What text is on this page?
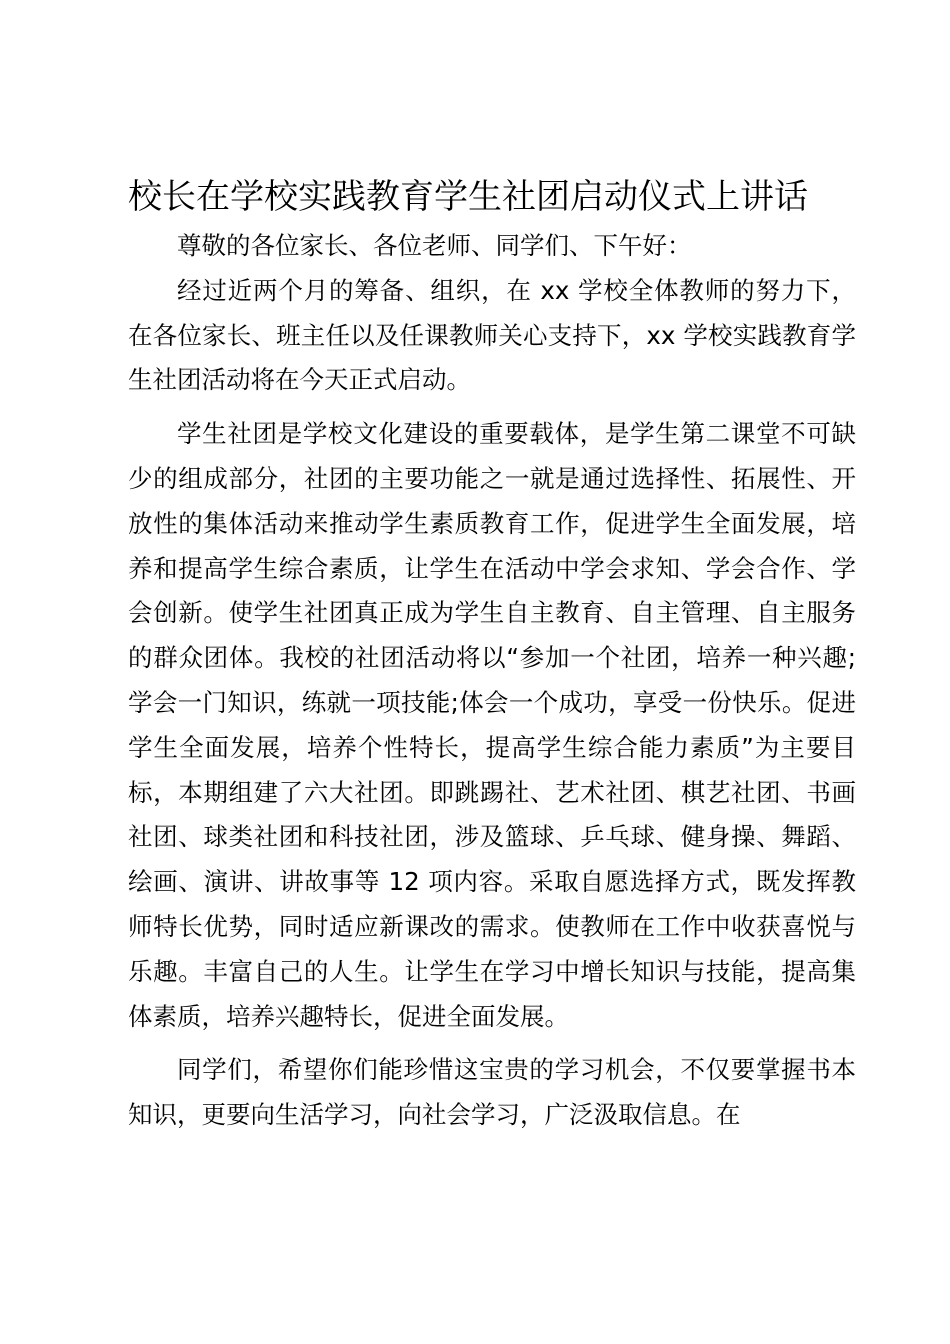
校长在学校实践教育学生社团启动仪式上讲话

尊敬的各位家长、各位老师、同学们、下午好：

经过近两个月的筹备、组织，在 xx 学校全体教师的努力下，在各位家长、班主任以及任课教师关心支持下，xx 学校实践教育学生社团活动将在今天正式启动。

学生社团是学校文化建设的重要载体，是学生第二课堂不可缺少的组成部分，社团的主要功能之一就是通过选择性、拓展性、开放性的集体活动来推动学生素质教育工作，促进学生全面发展，培养和提高学生综合素质，让学生在活动中学会求知、学会合作、学会创新。使学生社团真正成为学生自主教育、自主管理、自主服务的群众团体。我校的社团活动将以“参加一个社团，培养一种兴趣;学会一门知识，练就一项技能;体会一个成功，享受一份快乐。促进学生全面发展，培养个性特长，提高学生综合能力素质”为主要目标，本期组建了六大社团。即跳踢社、艺术社团、棋艺社团、书画社团、球类社团和科技社团，涉及篮球、乒乓球、健身操、舞蹈、绘画、演讲、讲故事等 12 项内容。采取自愿选择方式，既发挥教师特长优势，同时适应新课改的需求。使教师在工作中收获喜悦与乐趣。丰富自己的人生。让学生在学习中增长知识与技能，提高集体素质，培养兴趣特长，促进全面发展。

同学们，希望你们能珍惜这宝贵的学习机会，不仅要掌握书本知识，更要向生活学习，向社会学习，广泛汲取信息。在
